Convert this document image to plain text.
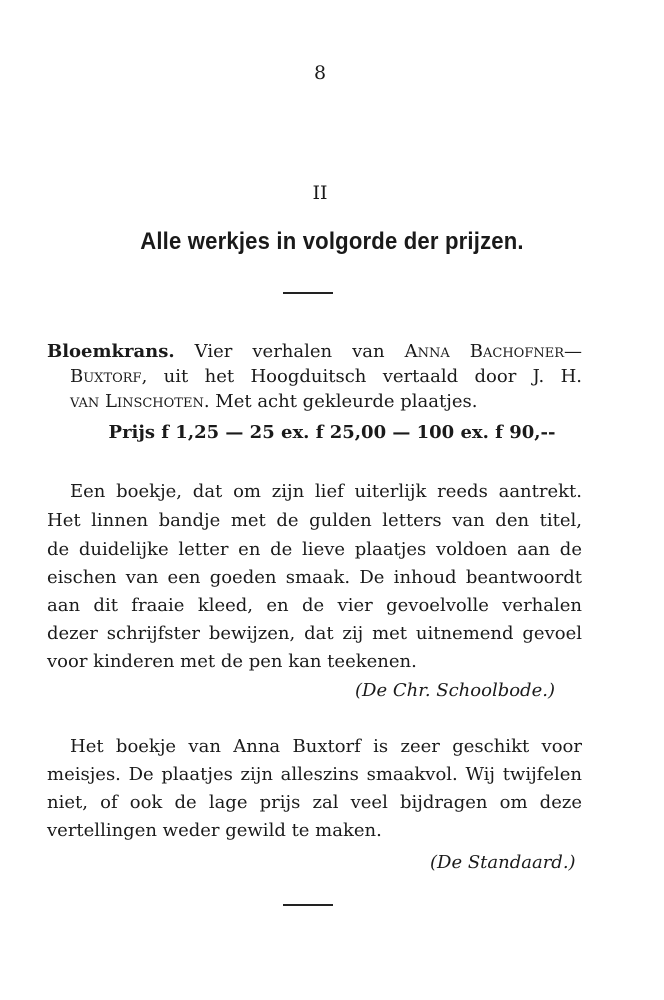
8
II
Alle werkjes in volgorde der prijzen.
Bloemkrans. Vier verhalen van Anna Bachofner—
Buxtorf, uit het Hoogduitsch vertaald door J. H.
van Linschoten. Met acht gekleurde plaatjes.
Prijs f 1,25 — 25 ex. f 25,00 — 100 ex. f 90,--
Een boekje, dat om zijn lief uiterlijk reeds aantrekt.
Het linnen bandje met de gulden letters van den titel,
de duidelijke letter en de lieve plaatjes voldoen aan de
eischen van een goeden smaak. De inhoud beantwoordt
aan dit fraaie kleed, en de vier gevoelvolle verhalen
dezer schrijfster bewijzen, dat zij met uitnemend gevoel
voor kinderen met de pen kan teekenen.
(De Chr. Schoolbode.)
Het boekje van Anna Buxtorf is zeer geschikt voor
meisjes. De plaatjes zijn alleszins smaakvol. Wij twijfelen
niet, of ook de lage prijs zal veel bijdragen om deze
vertellingen weder gewild te maken.
(De Standaard.)
